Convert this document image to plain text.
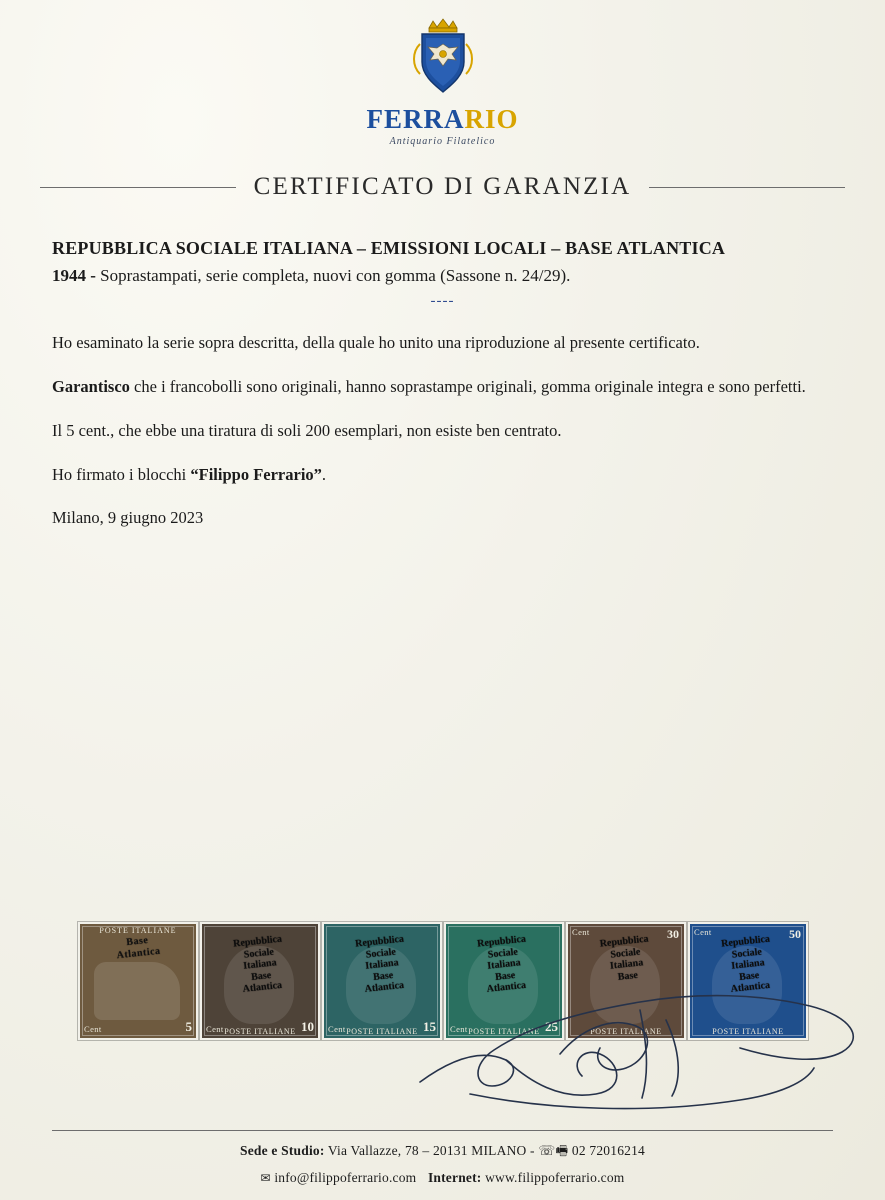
FERRARIO
Antiquario Filatelico
CERTIFICATO DI GARANZIA
REPUBBLICA SOCIALE ITALIANA – EMISSIONI LOCALI – BASE ATLANTICA
1944 - Soprastampati, serie completa, nuovi con gomma (Sassone n. 24/29).
----

Ho esaminato la serie sopra descritta, della quale ho unito una riproduzione al presente certificato.

Garantisco che i francobolli sono originali, hanno soprastampe originali, gomma originale integra e sono perfetti.

Il 5 cent., che ebbe una tiratura di soli 200 esemplari, non esiste ben centrato.

Ho firmato i blocchi “Filippo Ferrario”.

Milano, 9 giugno 2023

POSTE ITALIANE
Base
Atlantica
Cent	5
Repubblica
Sociale
Italiana
Base
Atlantica
Cent POSTE ITALIANE 10
Repubblica
Sociale
Italiana
Base
Atlantica
Cent POSTE ITALIANE 15
Repubblica
Sociale
Italiana
Base
Atlantica
Cent POSTE ITALIANE 25
Repubblica
Sociale
Italiana
Base
30
Cent
POSTE ITALIANE
Repubblica
Sociale
Italiana
Base
Atlantica
50
Cent
POSTE ITALIANE
Sede e Studio: Via Vallazze, 78 – 20131 MILANO - ☏🖷 02 72016214
✉ info@filippoferrario.com Internet: www.filippoferrario.com
